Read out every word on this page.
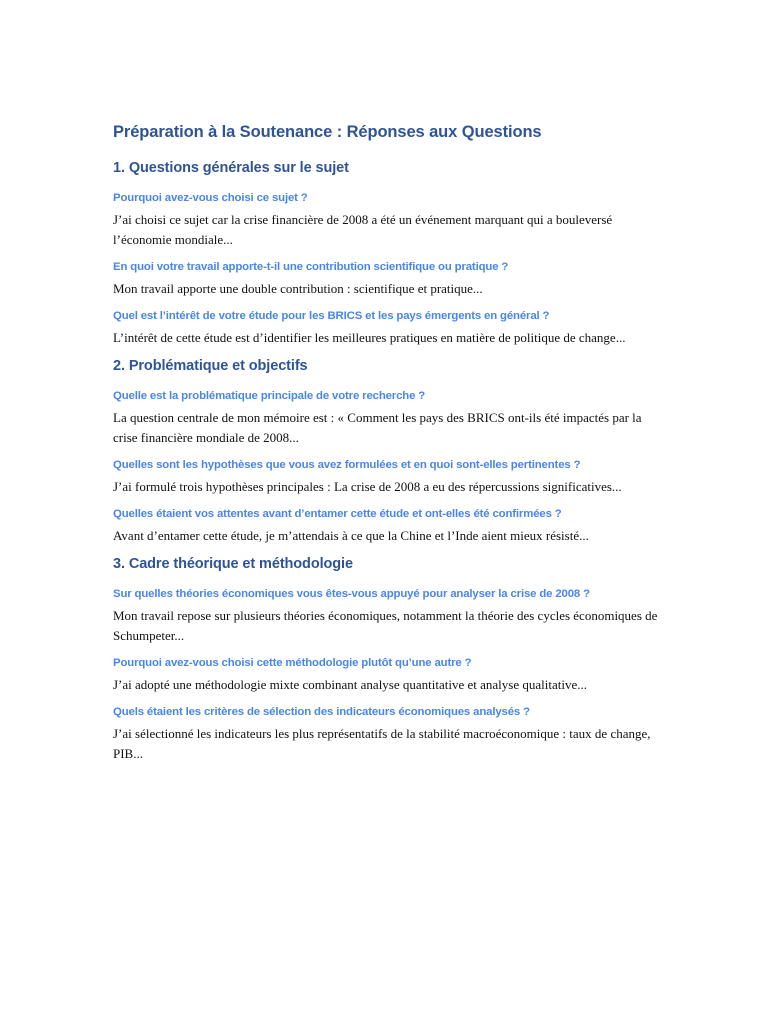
Préparation à la Soutenance : Réponses aux Questions
1. Questions générales sur le sujet

Pourquoi avez-vous choisi ce sujet ?

J’ai choisi ce sujet car la crise financière de 2008 a été un événement marquant qui a bouleversé l’économie mondiale...

En quoi votre travail apporte-t-il une contribution scientifique ou pratique ?

Mon travail apporte une double contribution : scientifique et pratique...

Quel est l’intérêt de votre étude pour les BRICS et les pays émergents en général ?

L’intérêt de cette étude est d’identifier les meilleures pratiques en matière de politique de change...

2. Problématique et objectifs

Quelle est la problématique principale de votre recherche ?

La question centrale de mon mémoire est : « Comment les pays des BRICS ont-ils été impactés par la crise financière mondiale de 2008...

Quelles sont les hypothèses que vous avez formulées et en quoi sont-elles pertinentes ?

J’ai formulé trois hypothèses principales : La crise de 2008 a eu des répercussions significatives...

Quelles étaient vos attentes avant d’entamer cette étude et ont-elles été confirmées ?

Avant d’entamer cette étude, je m’attendais à ce que la Chine et l’Inde aient mieux résisté...

3. Cadre théorique et méthodologie

Sur quelles théories économiques vous êtes-vous appuyé pour analyser la crise de 2008 ?

Mon travail repose sur plusieurs théories économiques, notamment la théorie des cycles économiques de Schumpeter...

Pourquoi avez-vous choisi cette méthodologie plutôt qu’une autre ?

J’ai adopté une méthodologie mixte combinant analyse quantitative et analyse qualitative...

Quels étaient les critères de sélection des indicateurs économiques analysés ?

J’ai sélectionné les indicateurs les plus représentatifs de la stabilité macroéconomique : taux de change, PIB...
